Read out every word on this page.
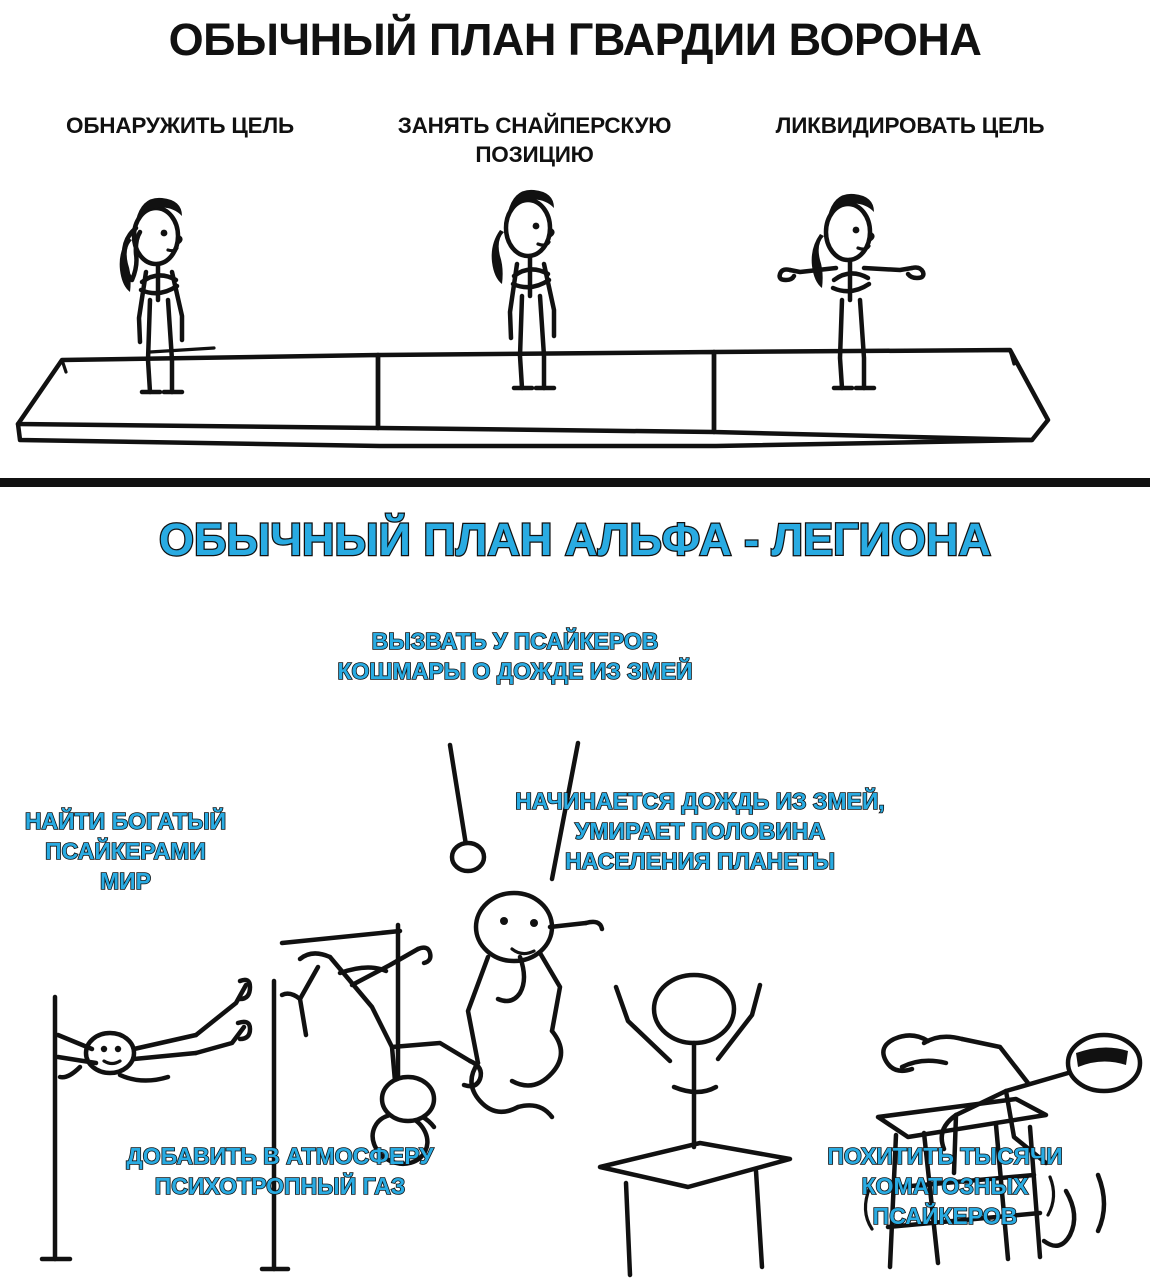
ОБЫЧНЫЙ ПЛАН ГВАРДИИ ВОРОНА
ОБНАРУЖИТЬ ЦЕЛЬ	ЗАНЯТЬ СНАЙПЕРСКУЮ ПОЗИЦИЮ
ЛИКВИДИРОВАТЬ ЦЕЛЬ
ОБЫЧНЫЙ ПЛАН АЛЬФА - ЛЕГИОНА
НАЙТИ БОГАТЫЙ ПСАЙКЕРАМИ МИР
ВЫЗВАТЬ У ПСАЙКЕРОВ КОШМАРЫ О ДОЖДЕ ИЗ ЗМЕЙ
НАЧИНАЕТСЯ ДОЖДЬ ИЗ ЗМЕЙ, УМИРАЕТ ПОЛОВИНА НАСЕЛЕНИЯ ПЛАНЕТЫ
ДОБАВИТЬ В АТМОСФЕРУ ПСИХОТРОПНЫЙ ГАЗ
ПОХИТИТЬ ТЫСЯЧИ КОМАТОЗНЫХ ПСАЙКЕРОВ
